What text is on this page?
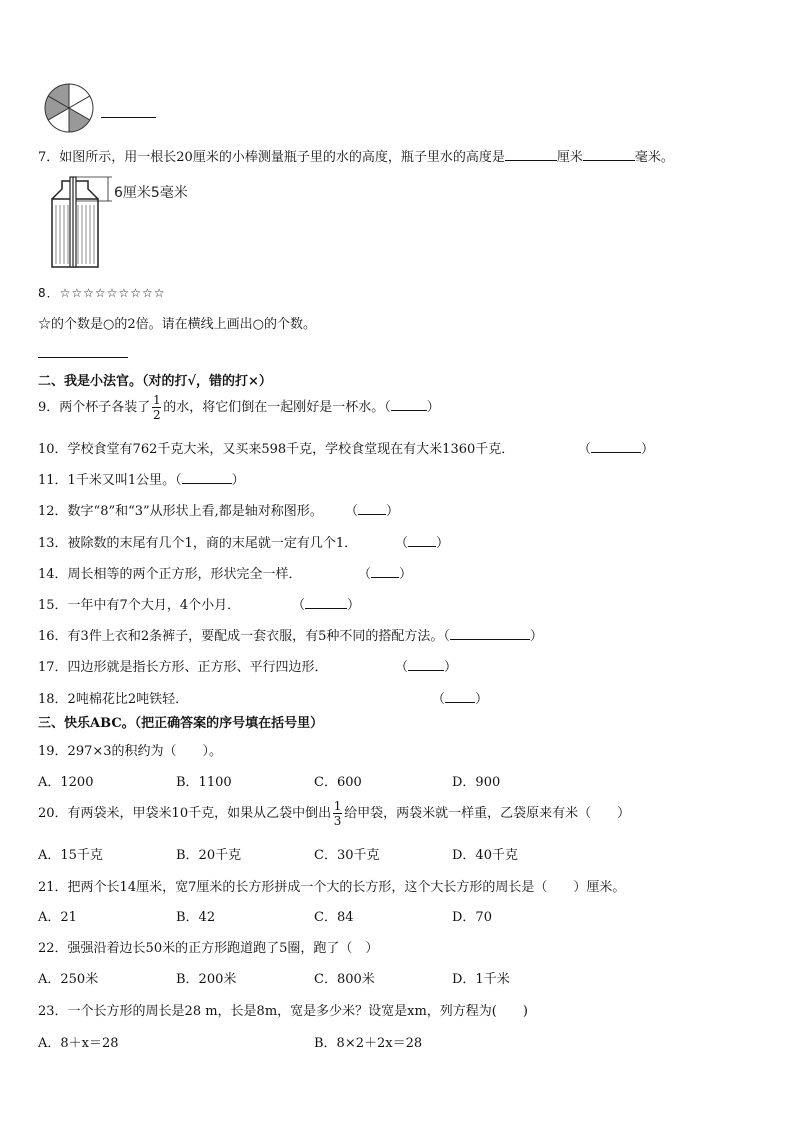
7．如图所示，用一根长20厘米的小棒测量瓶子里的水的高度，瓶子里水的高度是	厘米	毫米。
6厘米5毫米
8．☆☆☆☆☆☆☆☆☆
☆的个数是○的2倍。请在横线上画出○的个数。
二、我是小法官。（对的打√，错的打×）
9．两个杯子各装了 $\frac{1}{2}$ 的水，将它们倒在一起刚好是一杯水。（	）
10．学校食堂有762千克大米，又买来598千克，学校食堂现在有大米1360千克．	（	）
11．1千米又叫1公里。（	）
12．数字“8”和“3”从形状上看,都是轴对称图形。 （ ）
13．被除数的末尾有几个1，商的末尾就一定有几个1．	（ ）
14．周长相等的两个正方形，形状完全一样．	（ ）
15．一年中有7个大月，4个小月．	（	）
16．有3件上衣和2条裤子，要配成一套衣服，有5种不同的搭配方法。（	）
17．四边形就是指长方形、正方形、平行四边形．	（	）
18．2吨棉花比2吨铁轻．	（ ）
三、快乐ABC。（把正确答案的序号填在括号里）
19．297×3的积约为（　　）。
A．1200	B．1100	C．600	D．900
20．有两袋米，甲袋米10千克，如果从乙袋中倒出 $\frac{1}{3}$ 给甲袋，两袋米就一样重，乙袋原来有米（　　）
A．15千克	B．20千克	C．30千克	D．40千克
21．把两个长14厘米，宽7厘米的长方形拼成一个大的长方形，这个大长方形的周长是（　　）厘米。
A．21	B．42	C．84	D．70
22．强强沿着边长50米的正方形跑道跑了5圈，跑了（　）
A．250米	B．200米	C．800米	D．1千米
23．一个长方形的周长是28 m，长是8m，宽是多少米？设宽是xm，列方程为(　　)
A．8＋x＝28	B．8×2＋2x＝28
